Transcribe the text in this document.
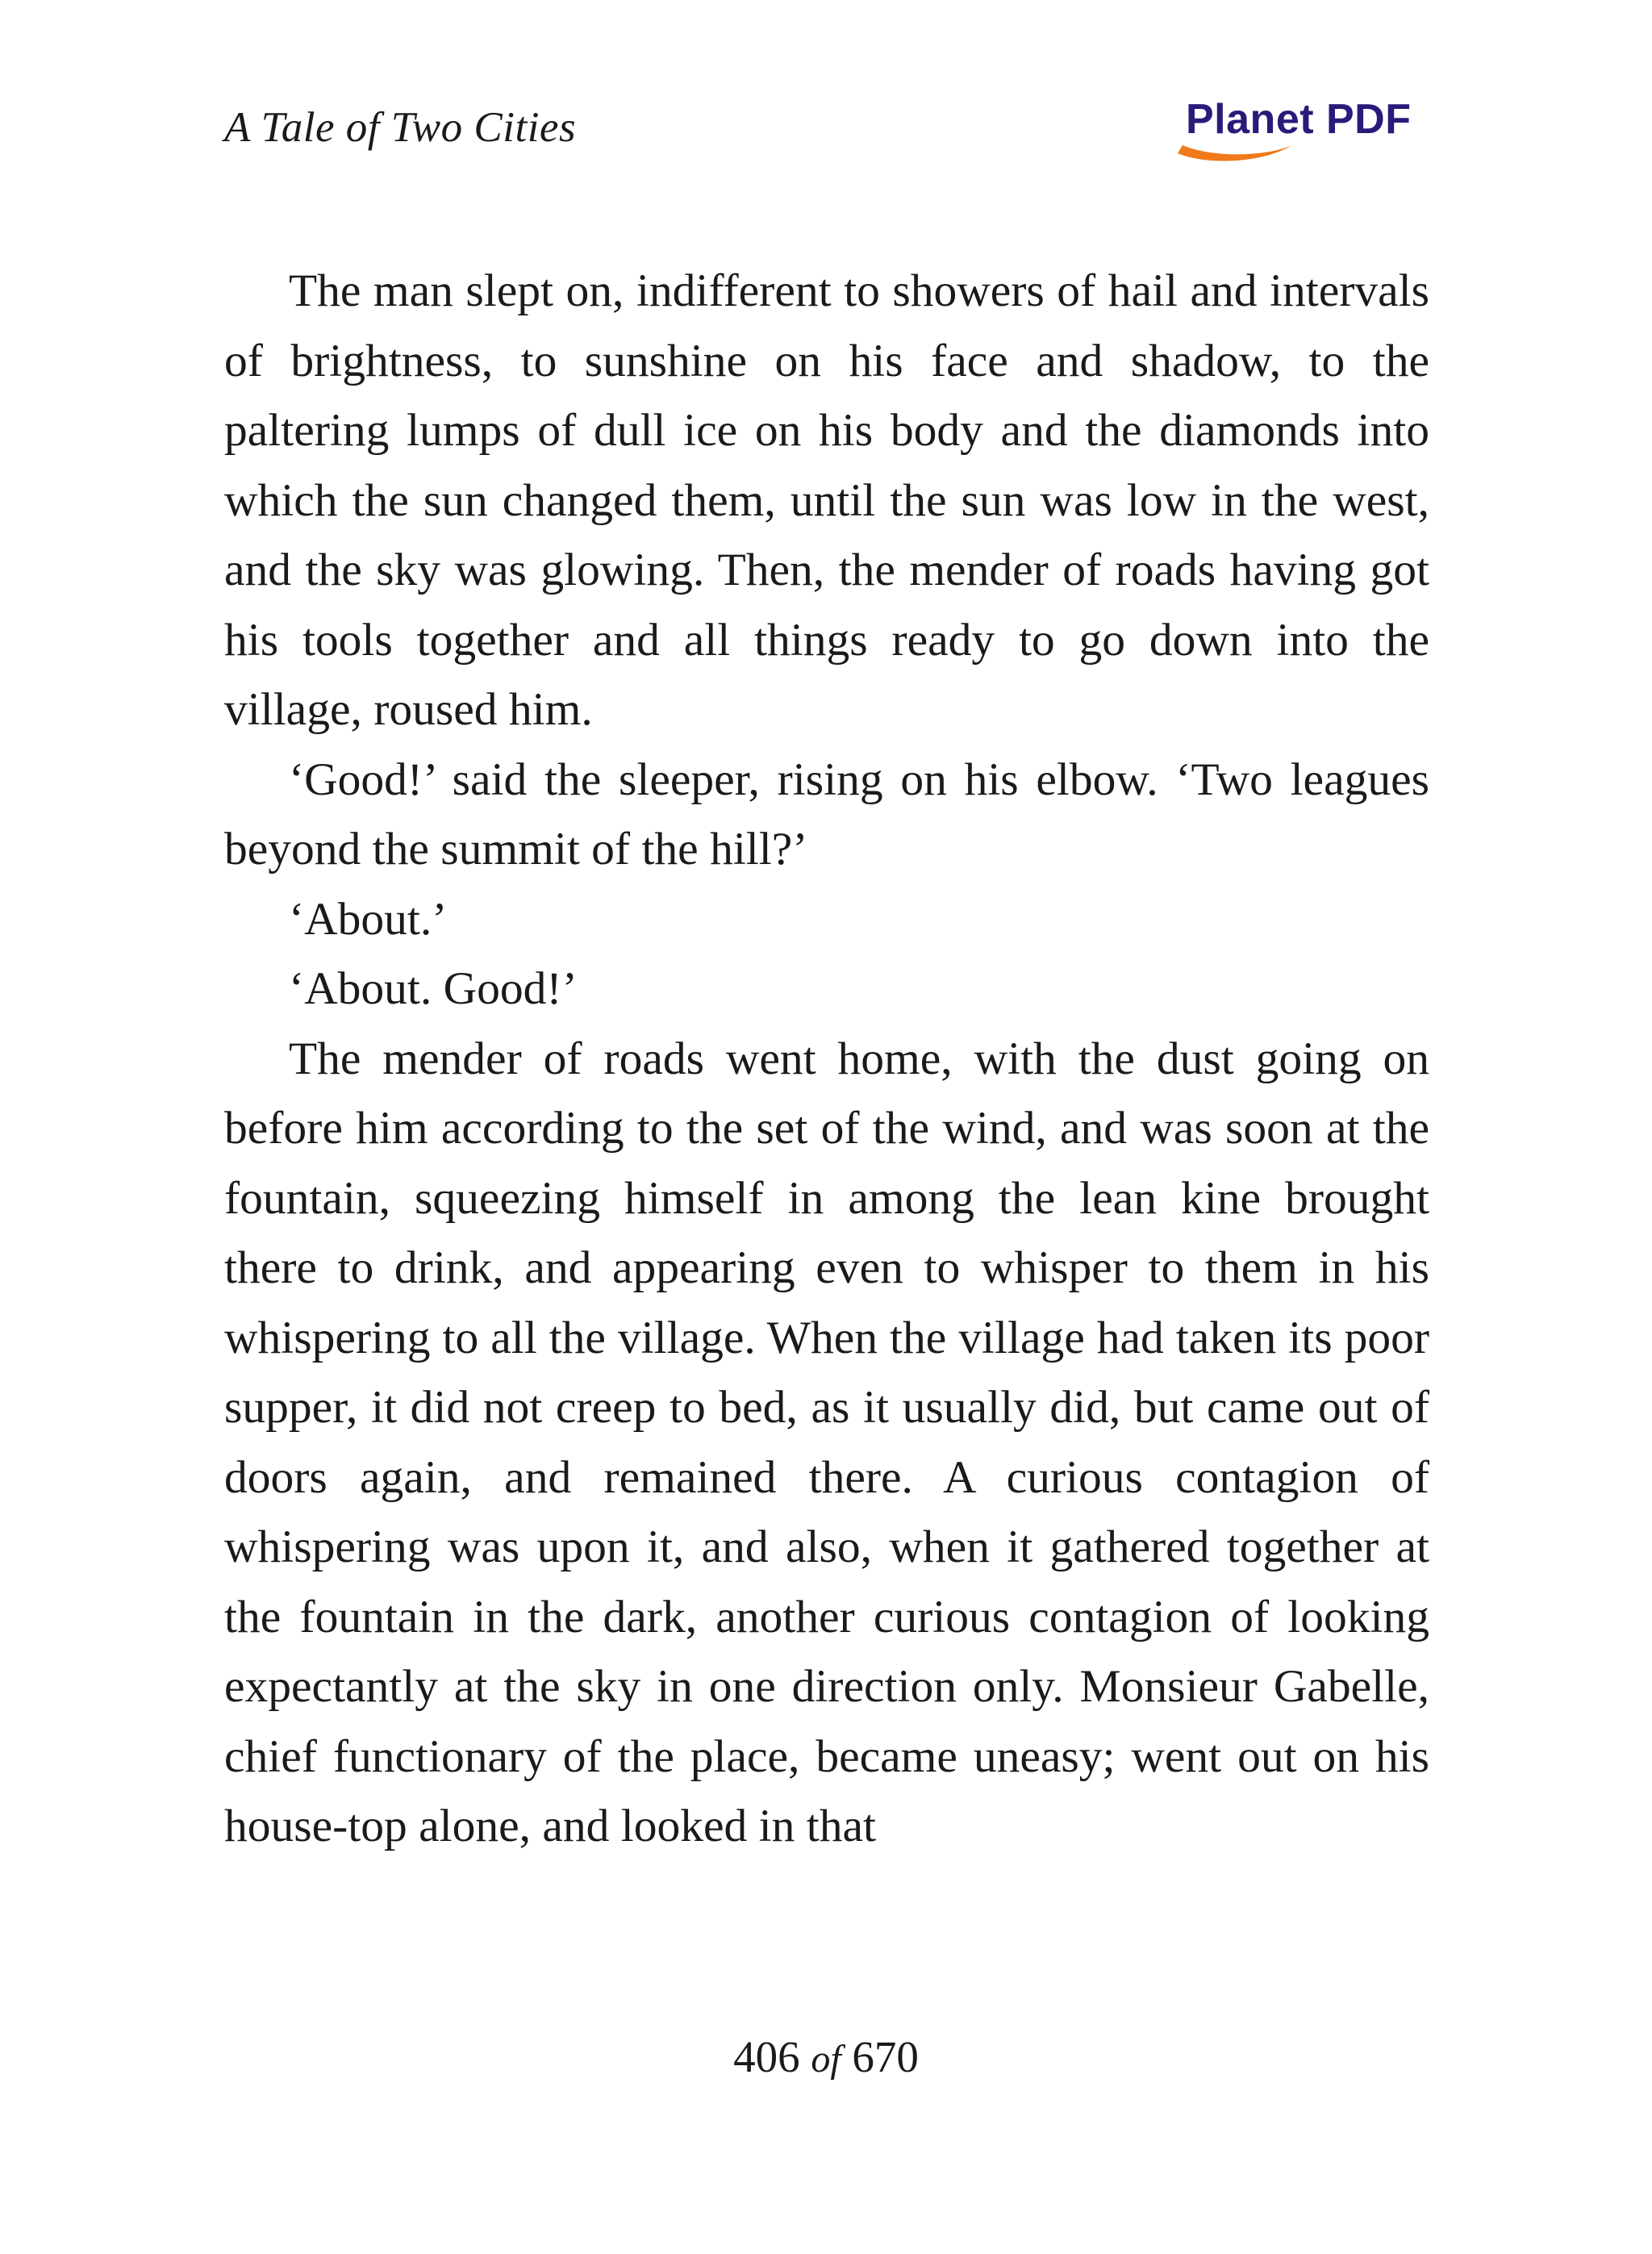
A Tale of Two Cities	Planet PDF

The man slept on, indifferent to showers of hail and intervals of brightness, to sunshine on his face and shadow, to the paltering lumps of dull ice on his body and the diamonds into which the sun changed them, until the sun was low in the west, and the sky was glowing. Then, the mender of roads having got his tools together and all things ready to go down into the village, roused him.

‘Good!’ said the sleeper, rising on his elbow. ‘Two leagues beyond the summit of the hill?’

‘About.’

‘About. Good!’

The mender of roads went home, with the dust going on before him according to the set of the wind, and was soon at the fountain, squeezing himself in among the lean kine brought there to drink, and appearing even to whisper to them in his whispering to all the village. When the village had taken its poor supper, it did not creep to bed, as it usually did, but came out of doors again, and remained there. A curious contagion of whispering was upon it, and also, when it gathered together at the fountain in the dark, another curious contagion of looking expectantly at the sky in one direction only. Monsieur Gabelle, chief functionary of the place, became uneasy; went out on his house-top alone, and looked in that

406 of 670
